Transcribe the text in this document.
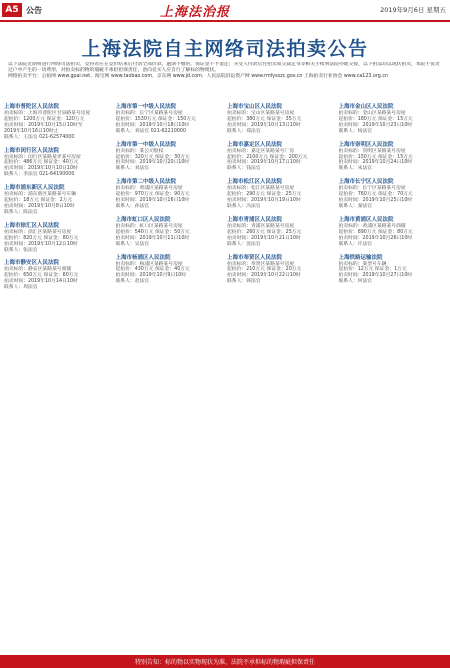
A5 公告	上海法治报	2019年9月6日 星期五
上海法院自主网络司法拍卖公告

以下法院近期将进行网络司法拍卖，竞得者应在竞价结束后付清全部价款，逾期不缴的，保证金不予退还；买受人付款后凭拍卖成交裁定书等相关手续到法院办理交接，以下拍品均以现状拍卖，本院不负责过户中产生的一切费用，对拍卖标的物的瑕疵不承担担保责任，意向竞买人应自行了解标的物现状。

网络拍卖平台：公拍网 www.gpai.net、淘宝网 www.taobao.com、京东网 www.jd.com、人民法院诉讼资产网 www.rmfysszc.gov.cn 上海拍卖行业协会 www.ca123.org.cn

上海市普陀区人民法院
拍卖标的：上海市普陀区甘泉路某号房屋
起拍价：1200万元 保证金：120万元
拍卖时间：2019年10月15日10时至
2019年10月16日10时止
联系人：王法官 021-62574000
上海市闵行区人民法院
拍卖标的：闵行区某路某弄某号房屋
起拍价：486万元 保证金：40万元
拍卖时间：2019年10月10日10时
联系人：李法官 021-64190000
上海市浦东新区人民法院
拍卖标的：浦东新区某路某号车辆
起拍价：18万元 保证金：2万元
拍卖时间：2019年10月8日10时
联系人：陈法官
上海市徐汇区人民法院
拍卖标的：徐汇区某路某号房屋
起拍价：820万元 保证金：80万元
拍卖时间：2019年10月12日10时
联系人：张法官
上海市静安区人民法院
拍卖标的：静安区某路某号商铺
起拍价：650万元 保证金：60万元
拍卖时间：2019年10月14日10时
联系人：周法官
上海市第一中级人民法院
拍卖标的：长宁区某路某号房屋
起拍价：1530万元 保证金：150万元
拍卖时间：2019年10月18日10时
联系人：刘法官 021-62210000
上海市第一中级人民法院
拍卖标的：某公司股权
起拍价：320万元 保证金：30万元
拍卖时间：2019年10月20日10时
联系人：刘法官
上海市第二中级人民法院
拍卖标的：黄浦区某路某号房屋
起拍价：970万元 保证金：90万元
拍卖时间：2019年10月16日10时
联系人：孙法官
上海市虹口区人民法院
拍卖标的：虹口区某路某号房屋
起拍价：540万元 保证金：50万元
拍卖时间：2019年10月11日10时
联系人：吴法官
上海市杨浦区人民法院
拍卖标的：杨浦区某路某号房屋
起拍价：430万元 保证金：40万元
拍卖时间：2019年10月9日10时
联系人：赵法官
上海市宝山区人民法院
拍卖标的：宝山区某路某号房屋
起拍价：380万元 保证金：35万元
拍卖时间：2019年10月13日10时
联系人：郑法官
上海市嘉定区人民法院
拍卖标的：嘉定区某路某号厂房
起拍价：2100万元 保证金：200万元
拍卖时间：2019年10月17日10时
联系人：钱法官
上海市松江区人民法院
拍卖标的：松江区某路某号房屋
起拍价：290万元 保证金：25万元
拍卖时间：2019年10月19日10时
联系人：冯法官
上海市青浦区人民法院
拍卖标的：青浦区某路某号房屋
起拍价：260万元 保证金：25万元
拍卖时间：2019年10月21日10时
联系人：沈法官
上海市奉贤区人民法院
拍卖标的：奉贤区某路某号房屋
起拍价：210万元 保证金：20万元
拍卖时间：2019年10月22日10时
联系人：韩法官
上海市金山区人民法院
拍卖标的：金山区某路某号房屋
起拍价：180万元 保证金：15万元
拍卖时间：2019年10月23日10时
联系人：杨法官
上海市崇明区人民法院
拍卖标的：崇明区某镇某号房屋
起拍价：150万元 保证金：15万元
拍卖时间：2019年10月24日10时
联系人：朱法官
上海市长宁区人民法院
拍卖标的：长宁区某路某号房屋
起拍价：760万元 保证金：70万元
拍卖时间：2019年10月25日10时
联系人：秦法官
上海市黄浦区人民法院
拍卖标的：黄浦区某路某号商铺
起拍价：890万元 保证金：80万元
拍卖时间：2019年10月26日10时
联系人：许法官
上海铁路运输法院
拍卖标的：某型号车辆
起拍价：12万元 保证金：1万元
拍卖时间：2019年10月27日10时
联系人：何法官
特别告知：标的物以实物现状为准，法院不承担标的物瑕疵担保责任
